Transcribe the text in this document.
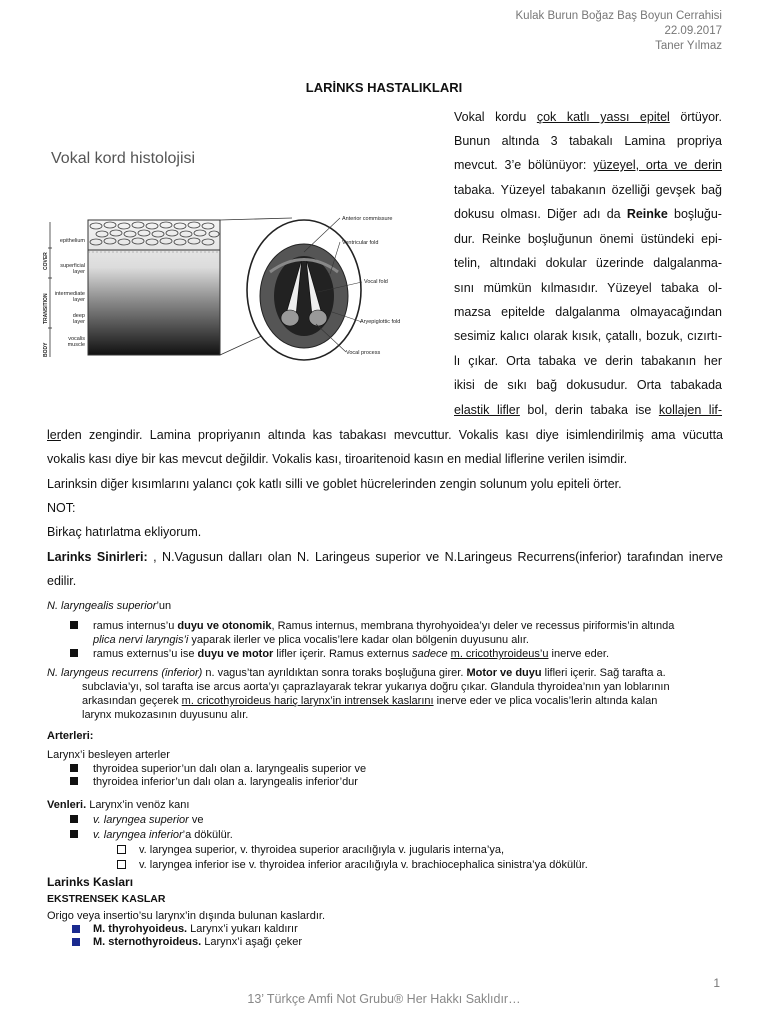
Kulak Burun Boğaz Baş Boyun Cerrahisi
22.09.2017
Taner Yılmaz
LARİNKS HASTALIKLARI
Vokal kord histolojisi
epithelium
superficial
layer
intermediate
layer
deep
layer
vocalis
muscle
COVER
TRANSITION
BODY
Anterior commissure
Ventricular fold
Vocal fold
Aryepiglottic fold
Vocal process
Vokal kordu çok katlı yassı epitel örtüyor.
Bunun altında 3 tabakalı Lamina propriya
mevcut. 3’e bölünüyor: yüzeyel, orta ve derin
tabaka. Yüzeyel tabakanın özelliği gevşek bağ
dokusu olması. Diğer adı da Reinke boşluğu-
dur. Reinke boşluğunun önemi üstündeki epi-
telin, altındaki dokular üzerinde dalgalanma-
sını mümkün kılmasıdır. Yüzeyel tabaka ol-
mazsa epitelde dalgalanma olmayacağından
sesimiz kalıcı olarak kısık, çatallı, bozuk, cızırtı-
lı çıkar. Orta tabaka ve derin tabakanın her
ikisi de sıkı bağ dokusudur. Orta tabakada
elastik lifler bol, derin tabaka ise kollajen lif-
lerden zengindir. Lamina propriyanın altında kas tabakası mevcuttur. Vokalis kası diye isimlendirilmiş ama vücutta
vokalis kası diye bir kas mevcut değildir. Vokalis kası, tiroaritenoid kasın en medial liflerine verilen isimdir.
Larinksin diğer kısımlarını yalancı çok katlı silli ve goblet hücrelerinden zengin solunum yolu epiteli örter.
NOT:
Birkaç hatırlatma ekliyorum.
Larinks Sinirleri: , N.Vagusun dalları olan N. Laringeus superior ve N.Laringeus Recurrens(inferior) tarafından inerve
edilir.
N. laryngealis superior’un
ramus internus’u duyu ve otonomik, Ramus internus, membrana thyrohyoidea’yı deler ve recessus piriformis’in altında
plica nervi laryngis’i yaparak ilerler ve plica vocalis’lere kadar olan bölgenin duyusunu alır.
ramus externus’u ise duyu ve motor lifler içerir. Ramus externus sadece m. cricothyroideus’u inerve eder.
N. laryngeus recurrens (inferior) n. vagus’tan ayrıldıktan sonra toraks boşluğuna girer. Motor ve duyu lifleri içerir. Sağ tarafta a.
subclavia’yı, sol tarafta ise arcus aorta’yı çaprazlayarak tekrar yukarıya doğru çıkar. Glandula thyroidea’nın yan loblarının
arkasından geçerek m. cricothyroideus hariç larynx’in intrensek kaslarını inerve eder ve plica vocalis’lerin altında kalan
larynx mukozasının duyusunu alır.
Arterleri:
Larynx’i besleyen arterler
thyroidea superior’un dalı olan a. laryngealis superior ve
thyroidea inferior’un dalı olan a. laryngealis inferior’dur
Venleri. Larynx’in venöz kanı
v. laryngea superior ve
v. laryngea inferior’a dökülür.
v. laryngea superior, v. thyroidea superior aracılığıyla v. jugularis interna’ya,
v. laryngea inferior ise v. thyroidea inferior aracılığıyla v. brachiocephalica sinistra’ya dökülür.
Larinks Kasları
EKSTRENSEK KASLAR
Origo veya insertio’su larynx’in dışında bulunan kaslardır.
M. thyrohyoideus. Larynx’i yukarı kaldırır
M. sternothyroideus. Larynx’i aşağı çeker
1
13’ Türkçe Amfi Not Grubu® Her Hakkı Saklıdır…
